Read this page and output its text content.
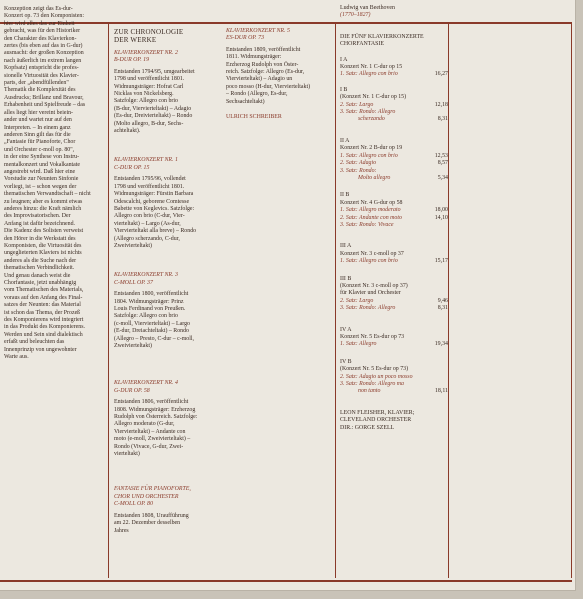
Konzeption zeigt das Es-dur-

Konzert op. 73 den Komponisten:

hier wird alles das zur Einheit

gebracht, was für den Historiker

den Charakter des Klavierkon-

zertes (bis eben auf das in G-dur)

ausmacht: der großen Konzeption

nach äußerlich im extrem langen

Kopfsatz) entspricht die profes-

sionelle Virtuosität des Klavier-

parts, der „abendfüllenden"

Thematik die Komplexität des

Ausdrucks; Brillanz und Bravour,

Erhabenheit und Spielfreude – das

alles liegt hier vereint beiein-

ander und wartet nur auf den

Interpreten. – In einem ganz

anderen Sinn gilt das für die

„Fantasie für Pianoforte, Chor

und Orchester c-moll op. 80",

in der eine Synthese von Instru-

mentalkonzert und Vokalkantate

angestrebt wird. Daß hier eine

Vorstudie zur Neunten Sinfonie

vorliegt, ist – schon wegen der

thematischen Verwandtschaft – nicht

zu leugnen; aber es kommt etwas

anderes hinzu: die Kraft nämlich

des Improvisatorischen. Der

Anfang ist dafür bezeichnend.

Die Kadenz des Solisten verweist

den Hörer in die Werkstatt des

Komponisten, die Virtuosität des

ungeglieterten Klaviers ist nichts

anderes als die Suche nach der

thematischen Verbindlichkeit.

Und genau danach weist die

Chorfantasie, jetzt unabhängig

vom Thematischen des Materials,

voraus auf den Anfang des Final-

satzes der Neunten: das Material

ist schon das Thema, der Prozeß

des Komponierens wird integriert

in das Produkt des Komponierens.

Werden und Sein sind dialektisch

erfaßt und beleuchten das

Innenprinzip von ungewohnter

Warte aus.

ZUR CHRONOLOGIE
DER WERKE
KLAVIERKONZERT NR. 2
B-DUR OP. 19

Entstanden 1794/95, umgearbeitet

1798 und veröffentlicht 1801.

Widmungsträger: Hofrat Carl

Nicklas von Nickelsberg.

Satzfolge: Allegro con brio

(B-dur, Viervierteltakt) – Adagio

(Es-dur, Dreivierteltakt) – Rondo

(Molto allegro, B-dur, Sechs-

achteltakt).

KLAVIERKONZERT NR. 1
C-DUR OP. 15

Entstanden 1795/96, vollendet

1798 und veröffentlicht 1801.

Widmungsträger: Fürstin Barbara

Odescalchi, geborene Comtesse

Babette von Keglevics. Satzfolge:

Allegro con brio (C-dur, Vier-

vierteltakt) – Largo (As-dur,

Viervierteltakt alla breve) – Rondo

(Allegro scherzando, C-dur,

Zweivierteltakt)

KLAVIERKONZERT NR. 3
C-MOLL OP. 37

Entstanden 1800, veröffentlicht

1804. Widmungsträger: Prinz

Louis Ferdinand von Preußen.

Satzfolge: Allegro con brio

(c-moll, Viervierteltakt) – Largo

(E-dur, Dreiachteltakt) – Rondo

(Allegro – Presto, C-dur – c-moll,

Zweivierteltakt)

KLAVIERKONZERT NR. 4
G-DUR OP. 58

Entstanden 1806, veröffentlicht

1808. Widmungsträger: Erzherzog

Rudolph von Österreich. Satzfolge:

Allegro moderato (G-dur,

Viervierteltakt) – Andante con

moto (e-moll, Zweivierteltakt) –

Rondo (Vivace, G-dur, Zwei-

vierteltakt)

FANTASIE FÜR PIANOFORTE,
CHOR UND ORCHESTER
C-MOLL OP. 80

Entstanden 1808, Uraufführung

am 22. Dezember desselben

Jahres

KLAVIERKONZERT NR. 5
ES-DUR OP. 73

Entstanden 1809, veröffentlicht

1811. Widmungsträger:

Erzherzog Rudolph von Öster-

reich. Satzfolge: Allegro (Es-dur,

Viervierteltakt) – Adagio un

poco mosso (H-dur, Viervierteltakt)

– Rondo (Allegro, Es-dur,

Sechsachteltakt)

ULRICH SCHREIBER
Ludwig van Beethoven
(1770–1827)
DIE FÜNF KLAVIERKONZERTE
CHORFANTASIE
I A
Konzert Nr. 1 C-dur op 15
1. Satz: Allegro con brio	16,27
I B
(Konzert Nr. 1 C-dur op 15)
2. Satz: Largo	12,18
3. Satz: Rondo: Allegro
scherzando	8,31
II A
Konzert Nr. 2 B-dur op 19
1. Satz: Allegro con brio	12,53
2. Satz: Adagio	8,57
3. Satz: Rondo:
Molto allegro	5,34
II B
Konzert Nr. 4 G-dur op 58
1. Satz: Allegro moderato	18,00
2. Satz: Andante con moto	14,10
3. Satz: Rondo: Vivace
III A
Konzert Nr. 3 c-moll op 37
1. Satz: Allegro con brio	15,17
III B
(Konzert Nr. 3 c-moll op 37)
für Klavier und Orchester
2. Satz: Largo	9,46
3. Satz: Rondo: Allegro	8,31
IV A
Konzert Nr. 5 Es-dur op 73
1. Satz: Allegro	19,34
IV B
(Konzert Nr. 5 Es-dur op 73)
2. Satz: Adagio un poco mosso
3. Satz: Rondo: Allegro ma
non tanto	18,11
LEON FLEISHER, KLAVIER;
CLEVELAND ORCHESTER
DIR.: GORGE SZELL
